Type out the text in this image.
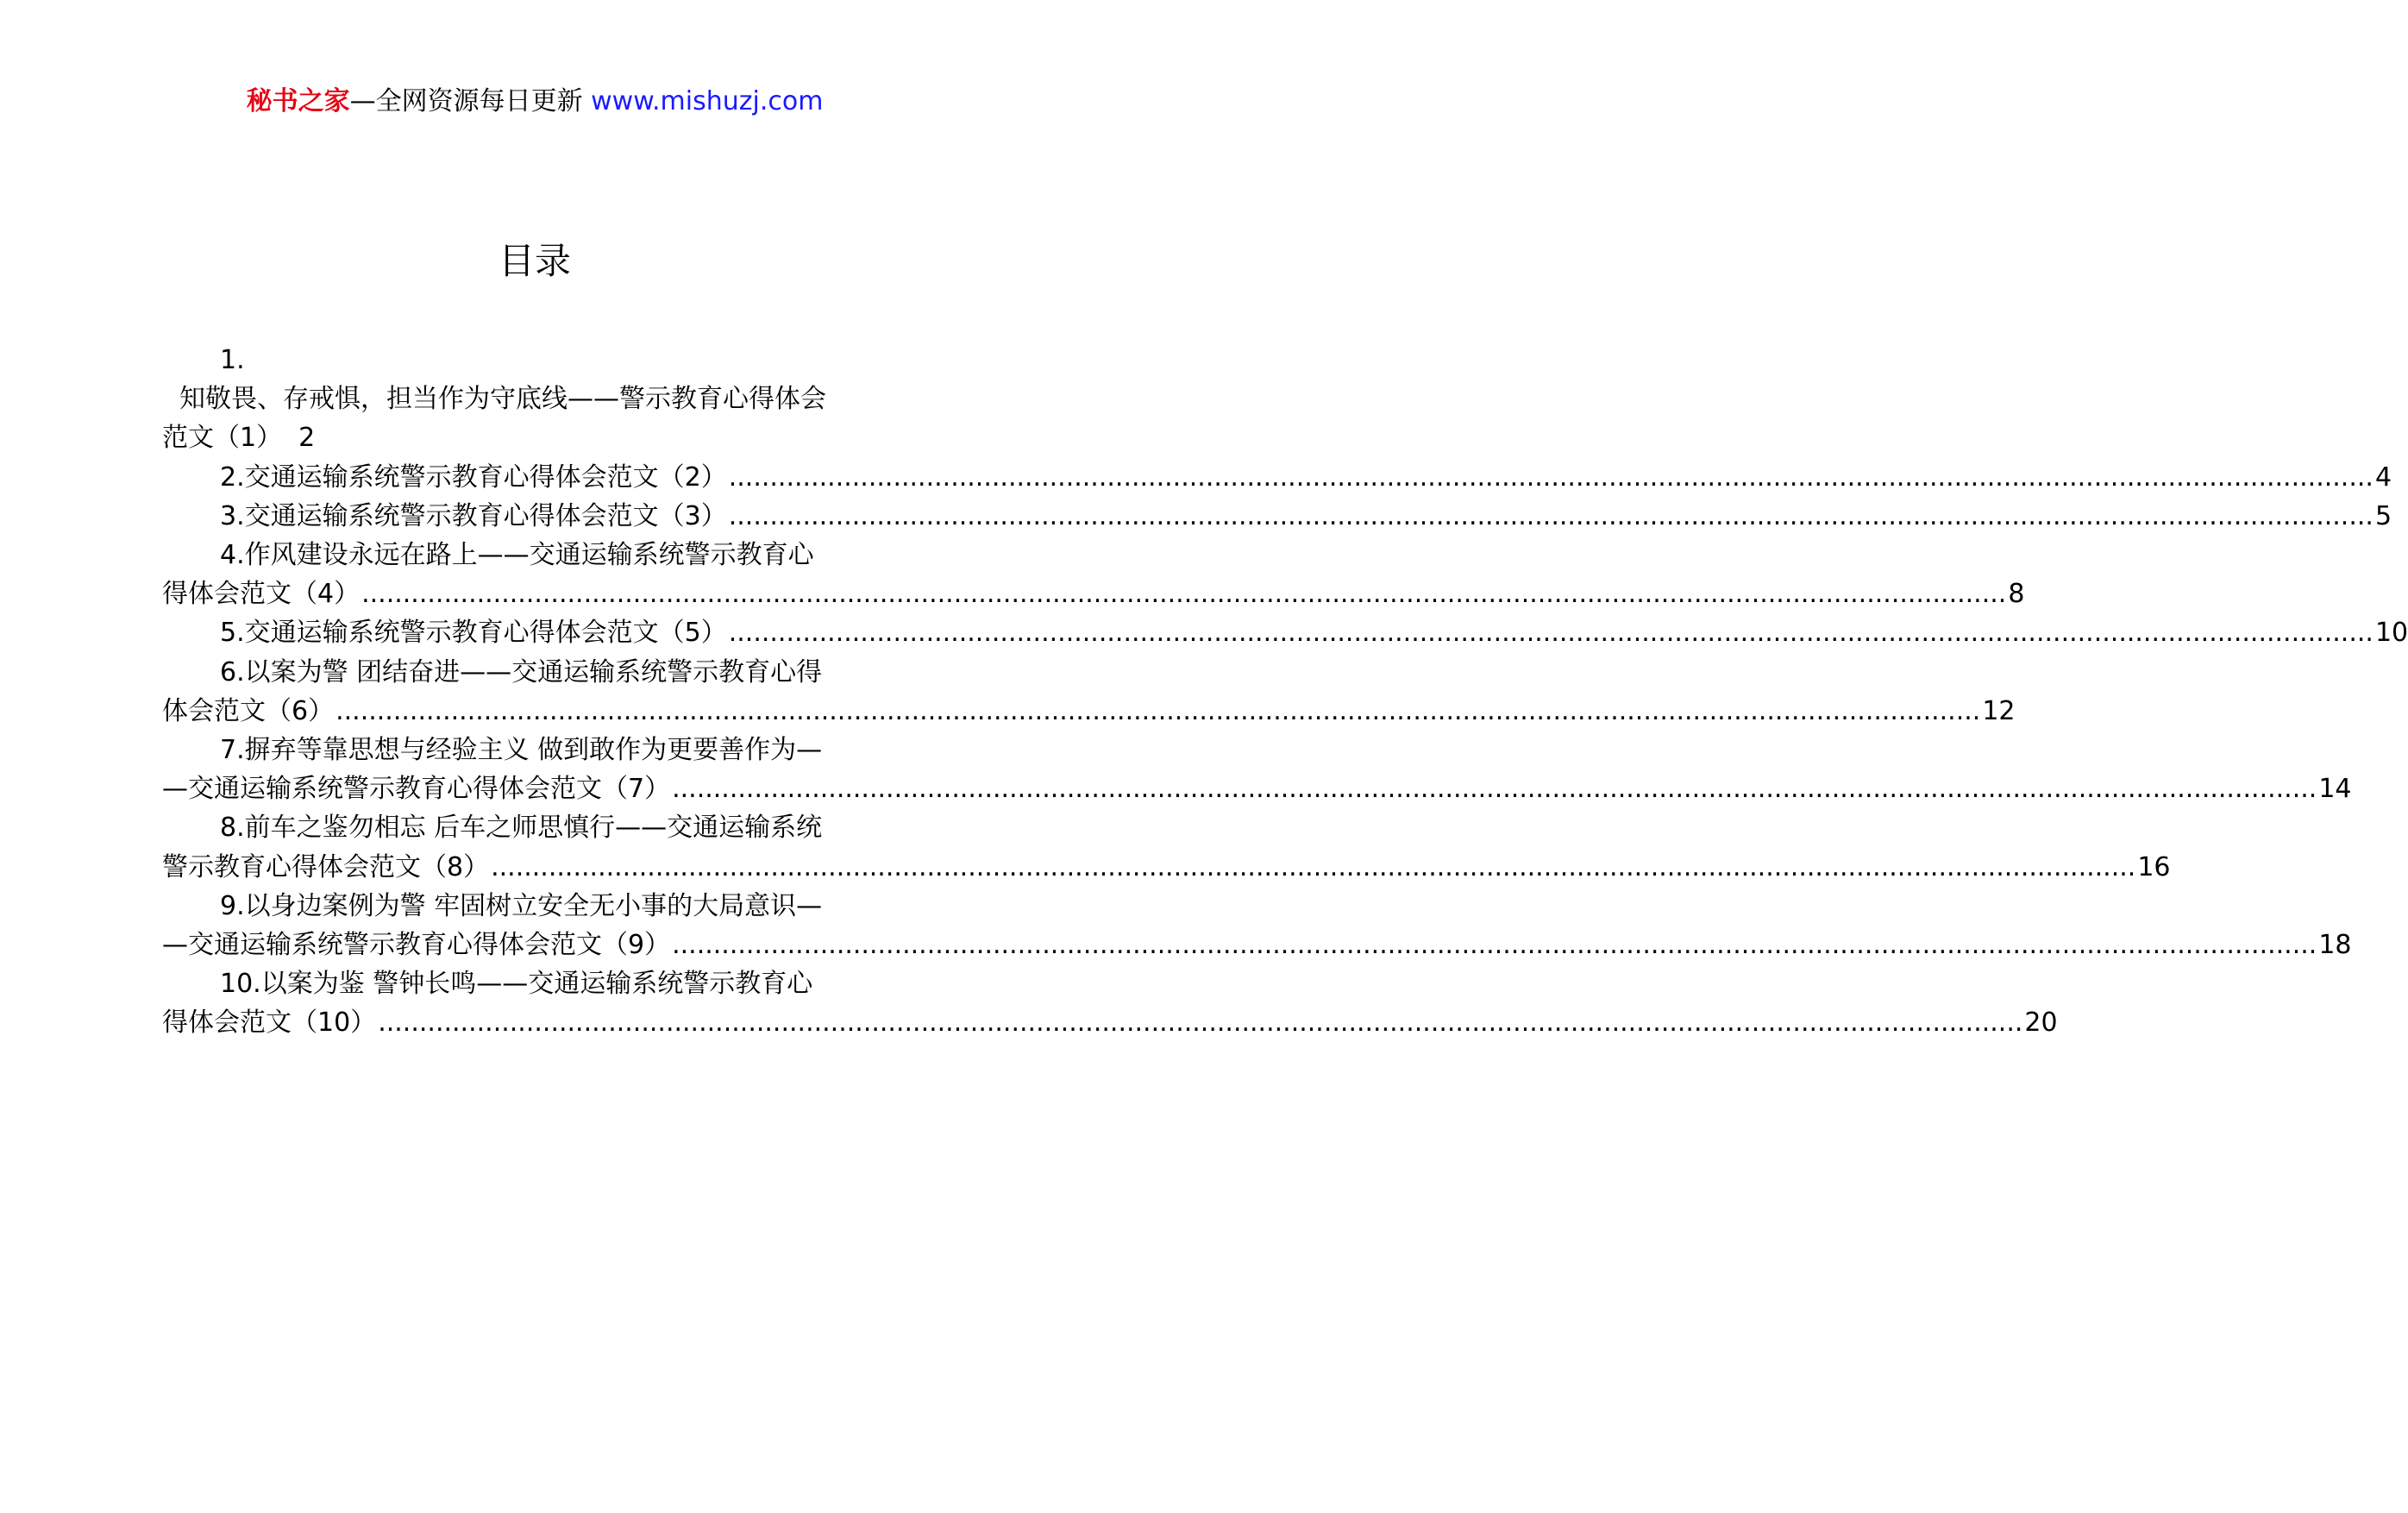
秘书之家—全网资源每日更新 www.mishuzj.com
目录
1.
知敬畏、存戒惧，担当作为守底线——警示教育心得体会
范文（1） 2
2.交通运输系统警示教育心得体会范文（2） ........................................................................................................................................................................................................ 4
3.交通运输系统警示教育心得体会范文（3） ........................................................................................................................................................................................................ 5
4.作风建设永远在路上——交通运输系统警示教育心
得体会范文（4） ........................................................................................................................................................................................................ 8
5.交通运输系统警示教育心得体会范文（5） ........................................................................................................................................................................................................ 10
6.以案为警 团结奋进——交通运输系统警示教育心得
体会范文（6） ........................................................................................................................................................................................................ 12
7.摒弃等靠思想与经验主义 做到敢作为更要善作为—
—交通运输系统警示教育心得体会范文（7） ........................................................................................................................................................................................................ 14
8.前车之鉴勿相忘 后车之师思慎行——交通运输系统
警示教育心得体会范文（8） ........................................................................................................................................................................................................ 16
9.以身边案例为警 牢固树立安全无小事的大局意识—
—交通运输系统警示教育心得体会范文（9） ........................................................................................................................................................................................................ 18
10.以案为鉴 警钟长鸣——交通运输系统警示教育心
得体会范文（10） ........................................................................................................................................................................................................ 20
